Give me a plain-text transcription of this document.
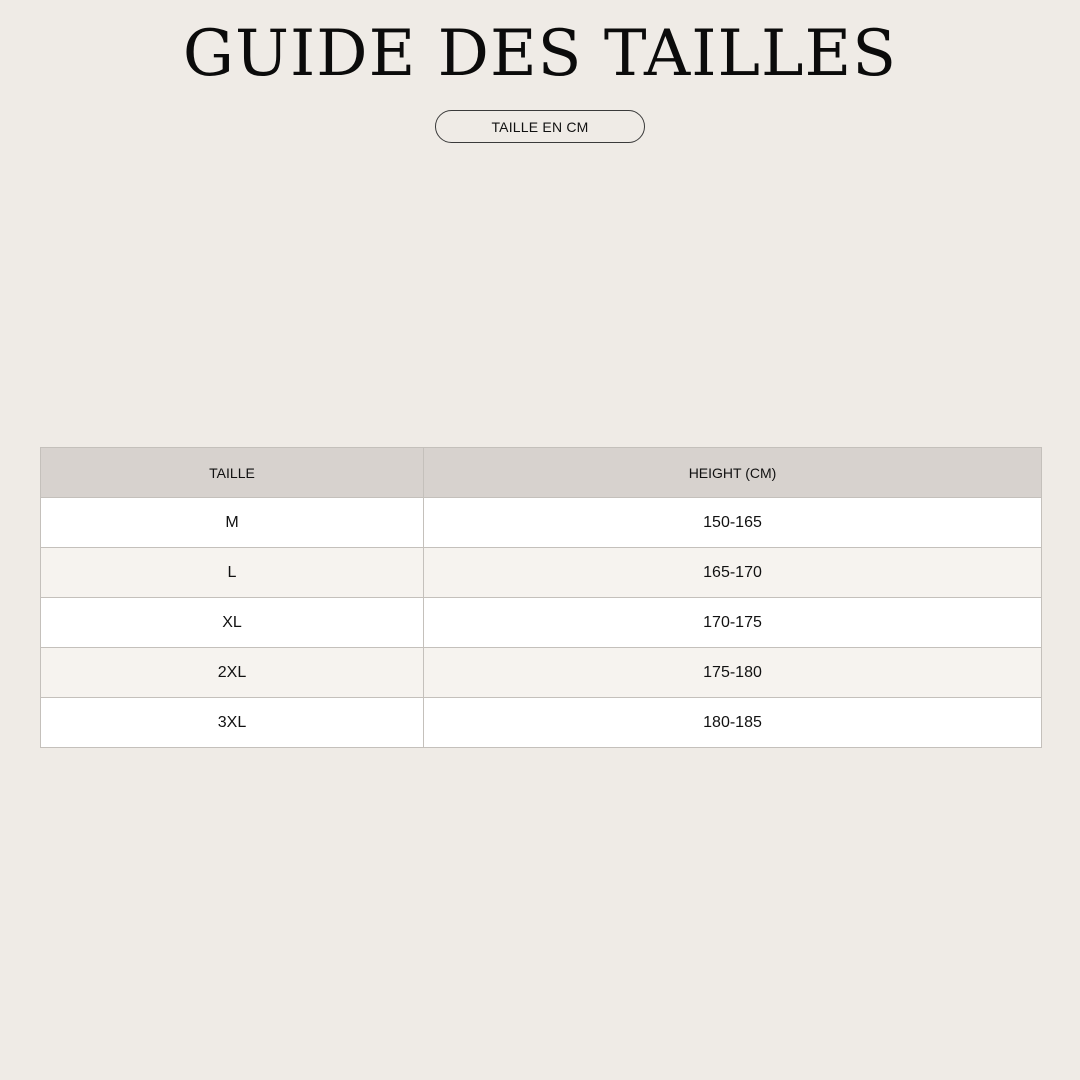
GUIDE DES TAILLES
TAILLE EN CM
TAILLE	HEIGHT (CM)
M	150-165
L	165-170
XL	170-175
2XL	175-180
3XL	180-185
